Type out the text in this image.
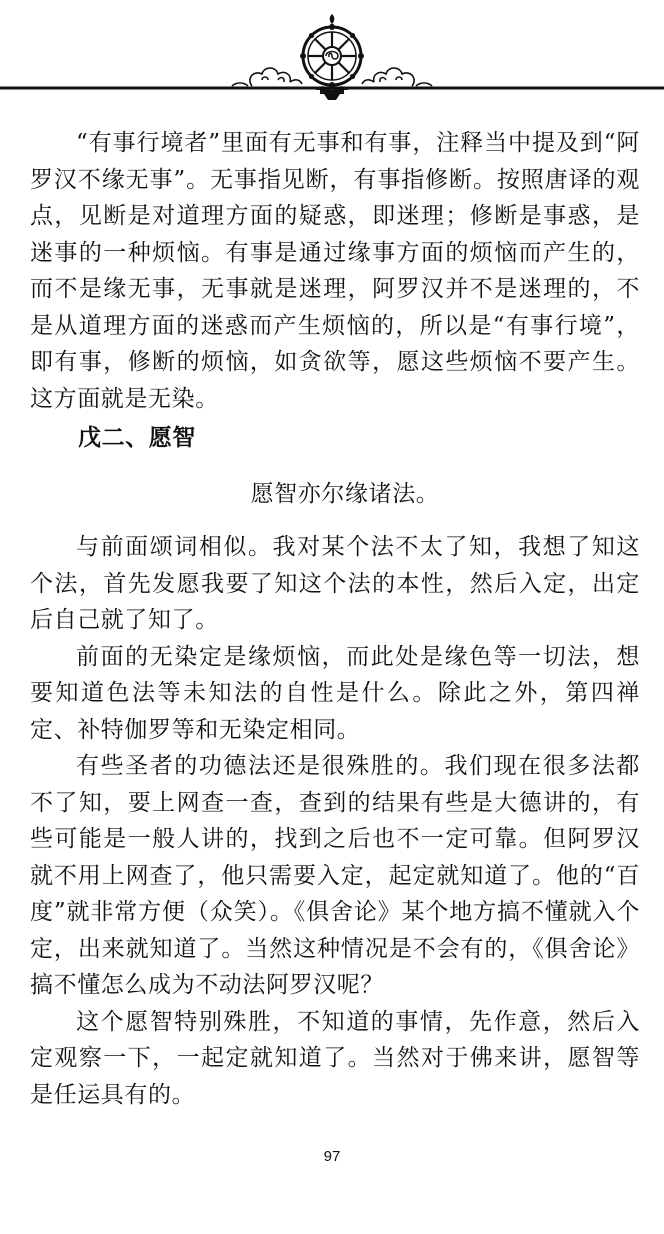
“有事行境者”里面有无事和有事，注释当中提及到“阿罗汉不缘无事”。无事指见断，有事指修断。按照唐译的观点，见断是对道理方面的疑惑，即迷理；修断是事惑，是迷事的一种烦恼。有事是通过缘事方面的烦恼而产生的，而不是缘无事，无事就是迷理，阿罗汉并不是迷理的，不是从道理方面的迷惑而产生烦恼的，所以是“有事行境”，即有事，修断的烦恼，如贪欲等，愿这些烦恼不要产生。这方面就是无染。

戊二、愿智

愿智亦尔缘诸法。

与前面颂词相似。我对某个法不太了知，我想了知这个法，首先发愿我要了知这个法的本性，然后入定，出定后自己就了知了。

前面的无染定是缘烦恼，而此处是缘色等一切法，想要知道色法等未知法的自性是什么。除此之外，第四禅定、补特伽罗等和无染定相同。

有些圣者的功德法还是很殊胜的。我们现在很多法都不了知，要上网查一查，查到的结果有些是大德讲的，有些可能是一般人讲的，找到之后也不一定可靠。但阿罗汉就不用上网查了，他只需要入定，起定就知道了。他的“百度”就非常方便（众笑）。《俱舍论》某个地方搞不懂就入个定，出来就知道了。当然这种情况是不会有的，《俱舍论》搞不懂怎么成为不动法阿罗汉呢？

这个愿智特别殊胜，不知道的事情，先作意，然后入定观察一下，一起定就知道了。当然对于佛来讲，愿智等是任运具有的。

97
